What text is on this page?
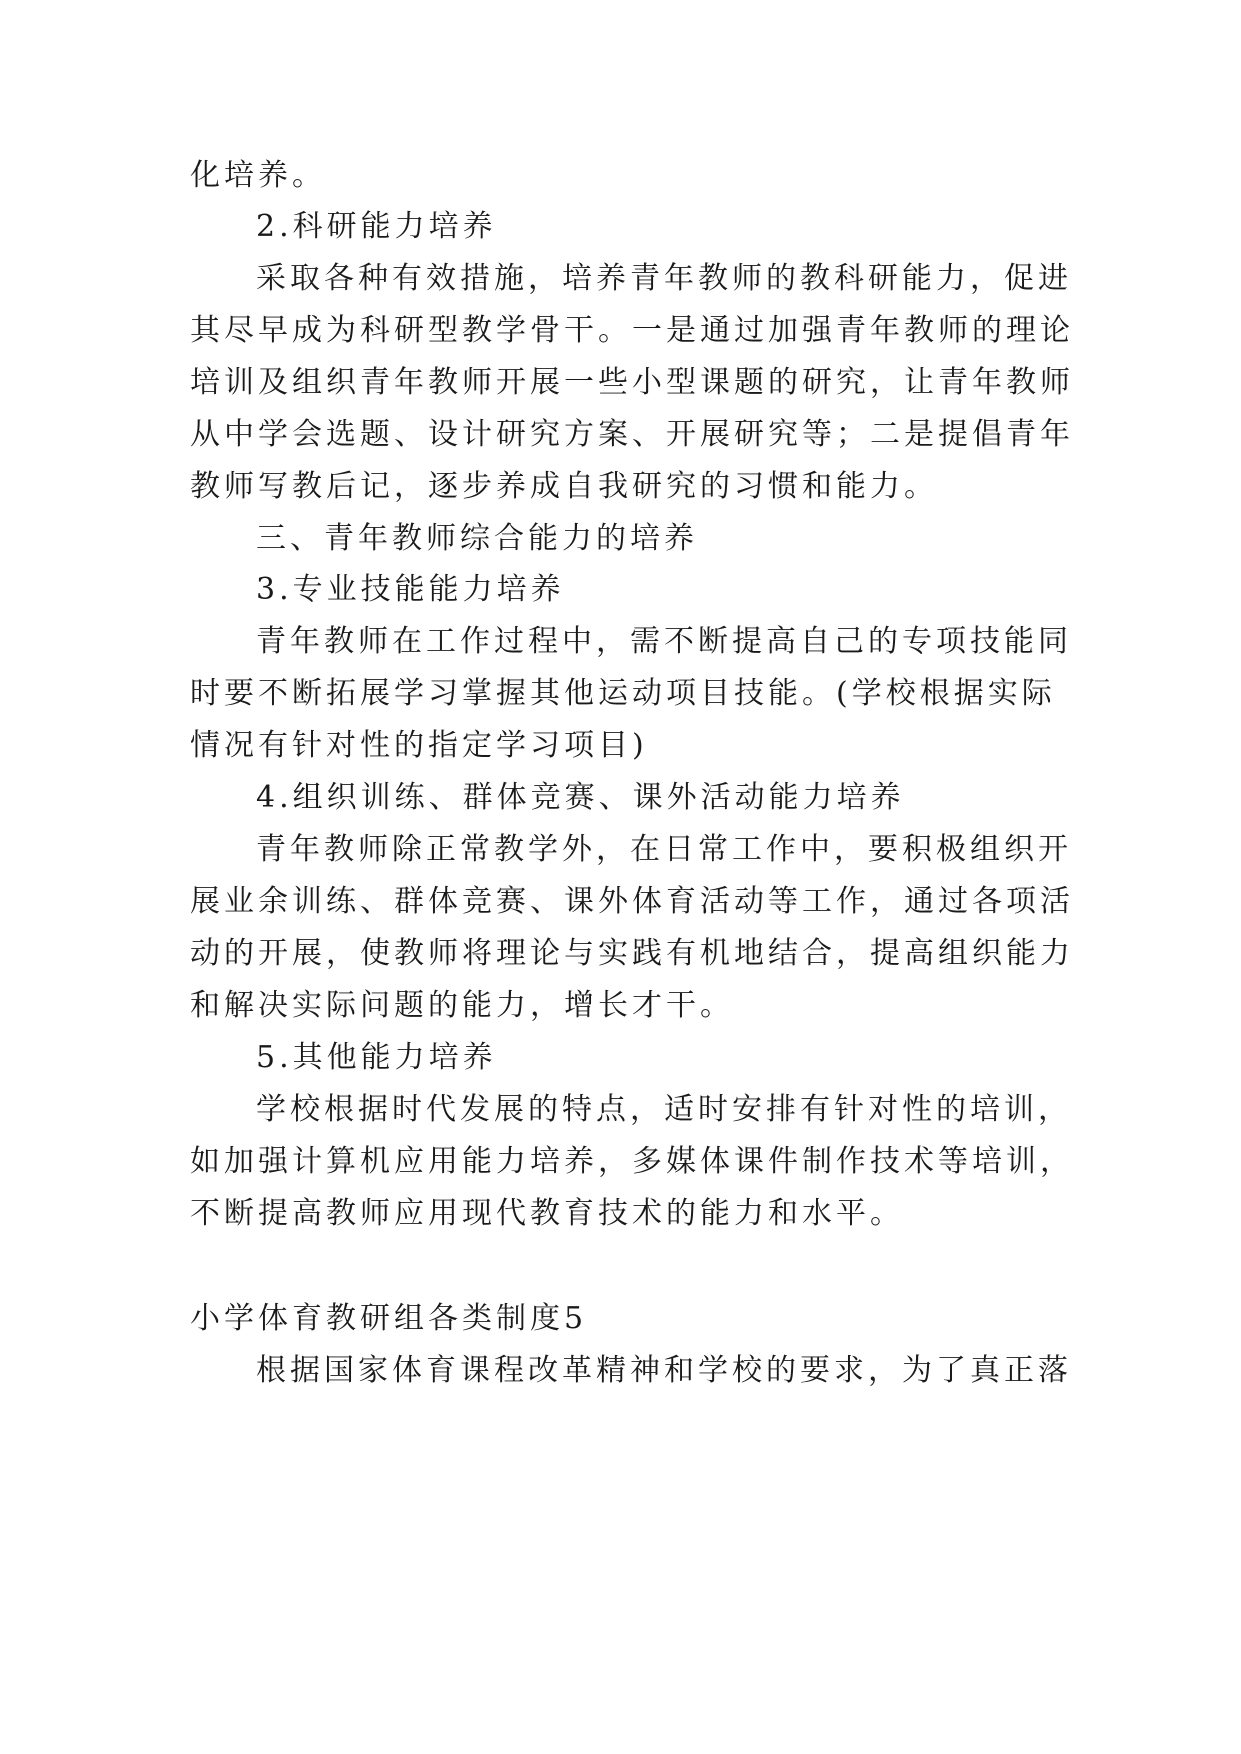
化培养。
2.科研能力培养
采取各种有效措施，培养青年教师的教科研能力，促进
其尽早成为科研型教学骨干。一是通过加强青年教师的理论
培训及组织青年教师开展一些小型课题的研究，让青年教师
从中学会选题、设计研究方案、开展研究等；二是提倡青年
教师写教后记，逐步养成自我研究的习惯和能力。
三、青年教师综合能力的培养
3.专业技能能力培养
青年教师在工作过程中，需不断提高自己的专项技能同
时要不断拓展学习掌握其他运动项目技能。(学校根据实际
情况有针对性的指定学习项目)
4.组织训练、群体竞赛、课外活动能力培养
青年教师除正常教学外，在日常工作中，要积极组织开
展业余训练、群体竞赛、课外体育活动等工作，通过各项活
动的开展，使教师将理论与实践有机地结合，提高组织能力
和解决实际问题的能力，增长才干。
5.其他能力培养
学校根据时代发展的特点，适时安排有针对性的培训，
如加强计算机应用能力培养，多媒体课件制作技术等培训，
不断提高教师应用现代教育技术的能力和水平。
小学体育教研组各类制度5
根据国家体育课程改革精神和学校的要求，为了真正落
